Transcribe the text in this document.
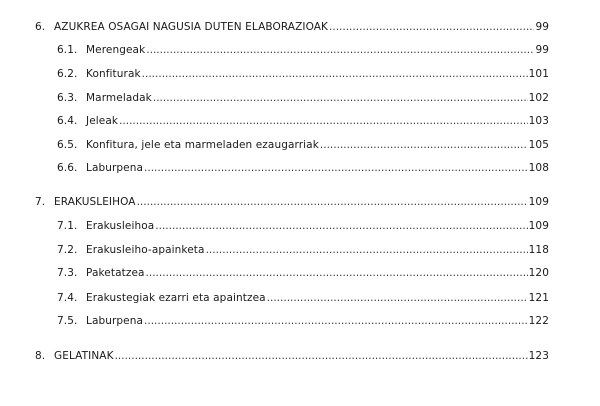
6. AZUKREA OSAGAI NAGUSIA DUTEN ELABORAZIOAK .....	99
6.1. Merengeak .....	99
6.2. Konfiturak .....	101
6.3. Marmeladak .....	102
6.4. Jeleak .....	103
6.5. Konfitura, jele eta marmeladen ezaugarriak .....	105
6.6. Laburpena .....	108
7. ERAKUSLEIHOA .....	109
7.1. Erakusleihoa .....	109
7.2. Erakusleiho-apainketa .....	118
7.3. Paketatzea .....	120
7.4. Erakustegiak ezarri eta apaintzea .....	121
7.5. Laburpena .....	122
8. GELATINAK .....	123
